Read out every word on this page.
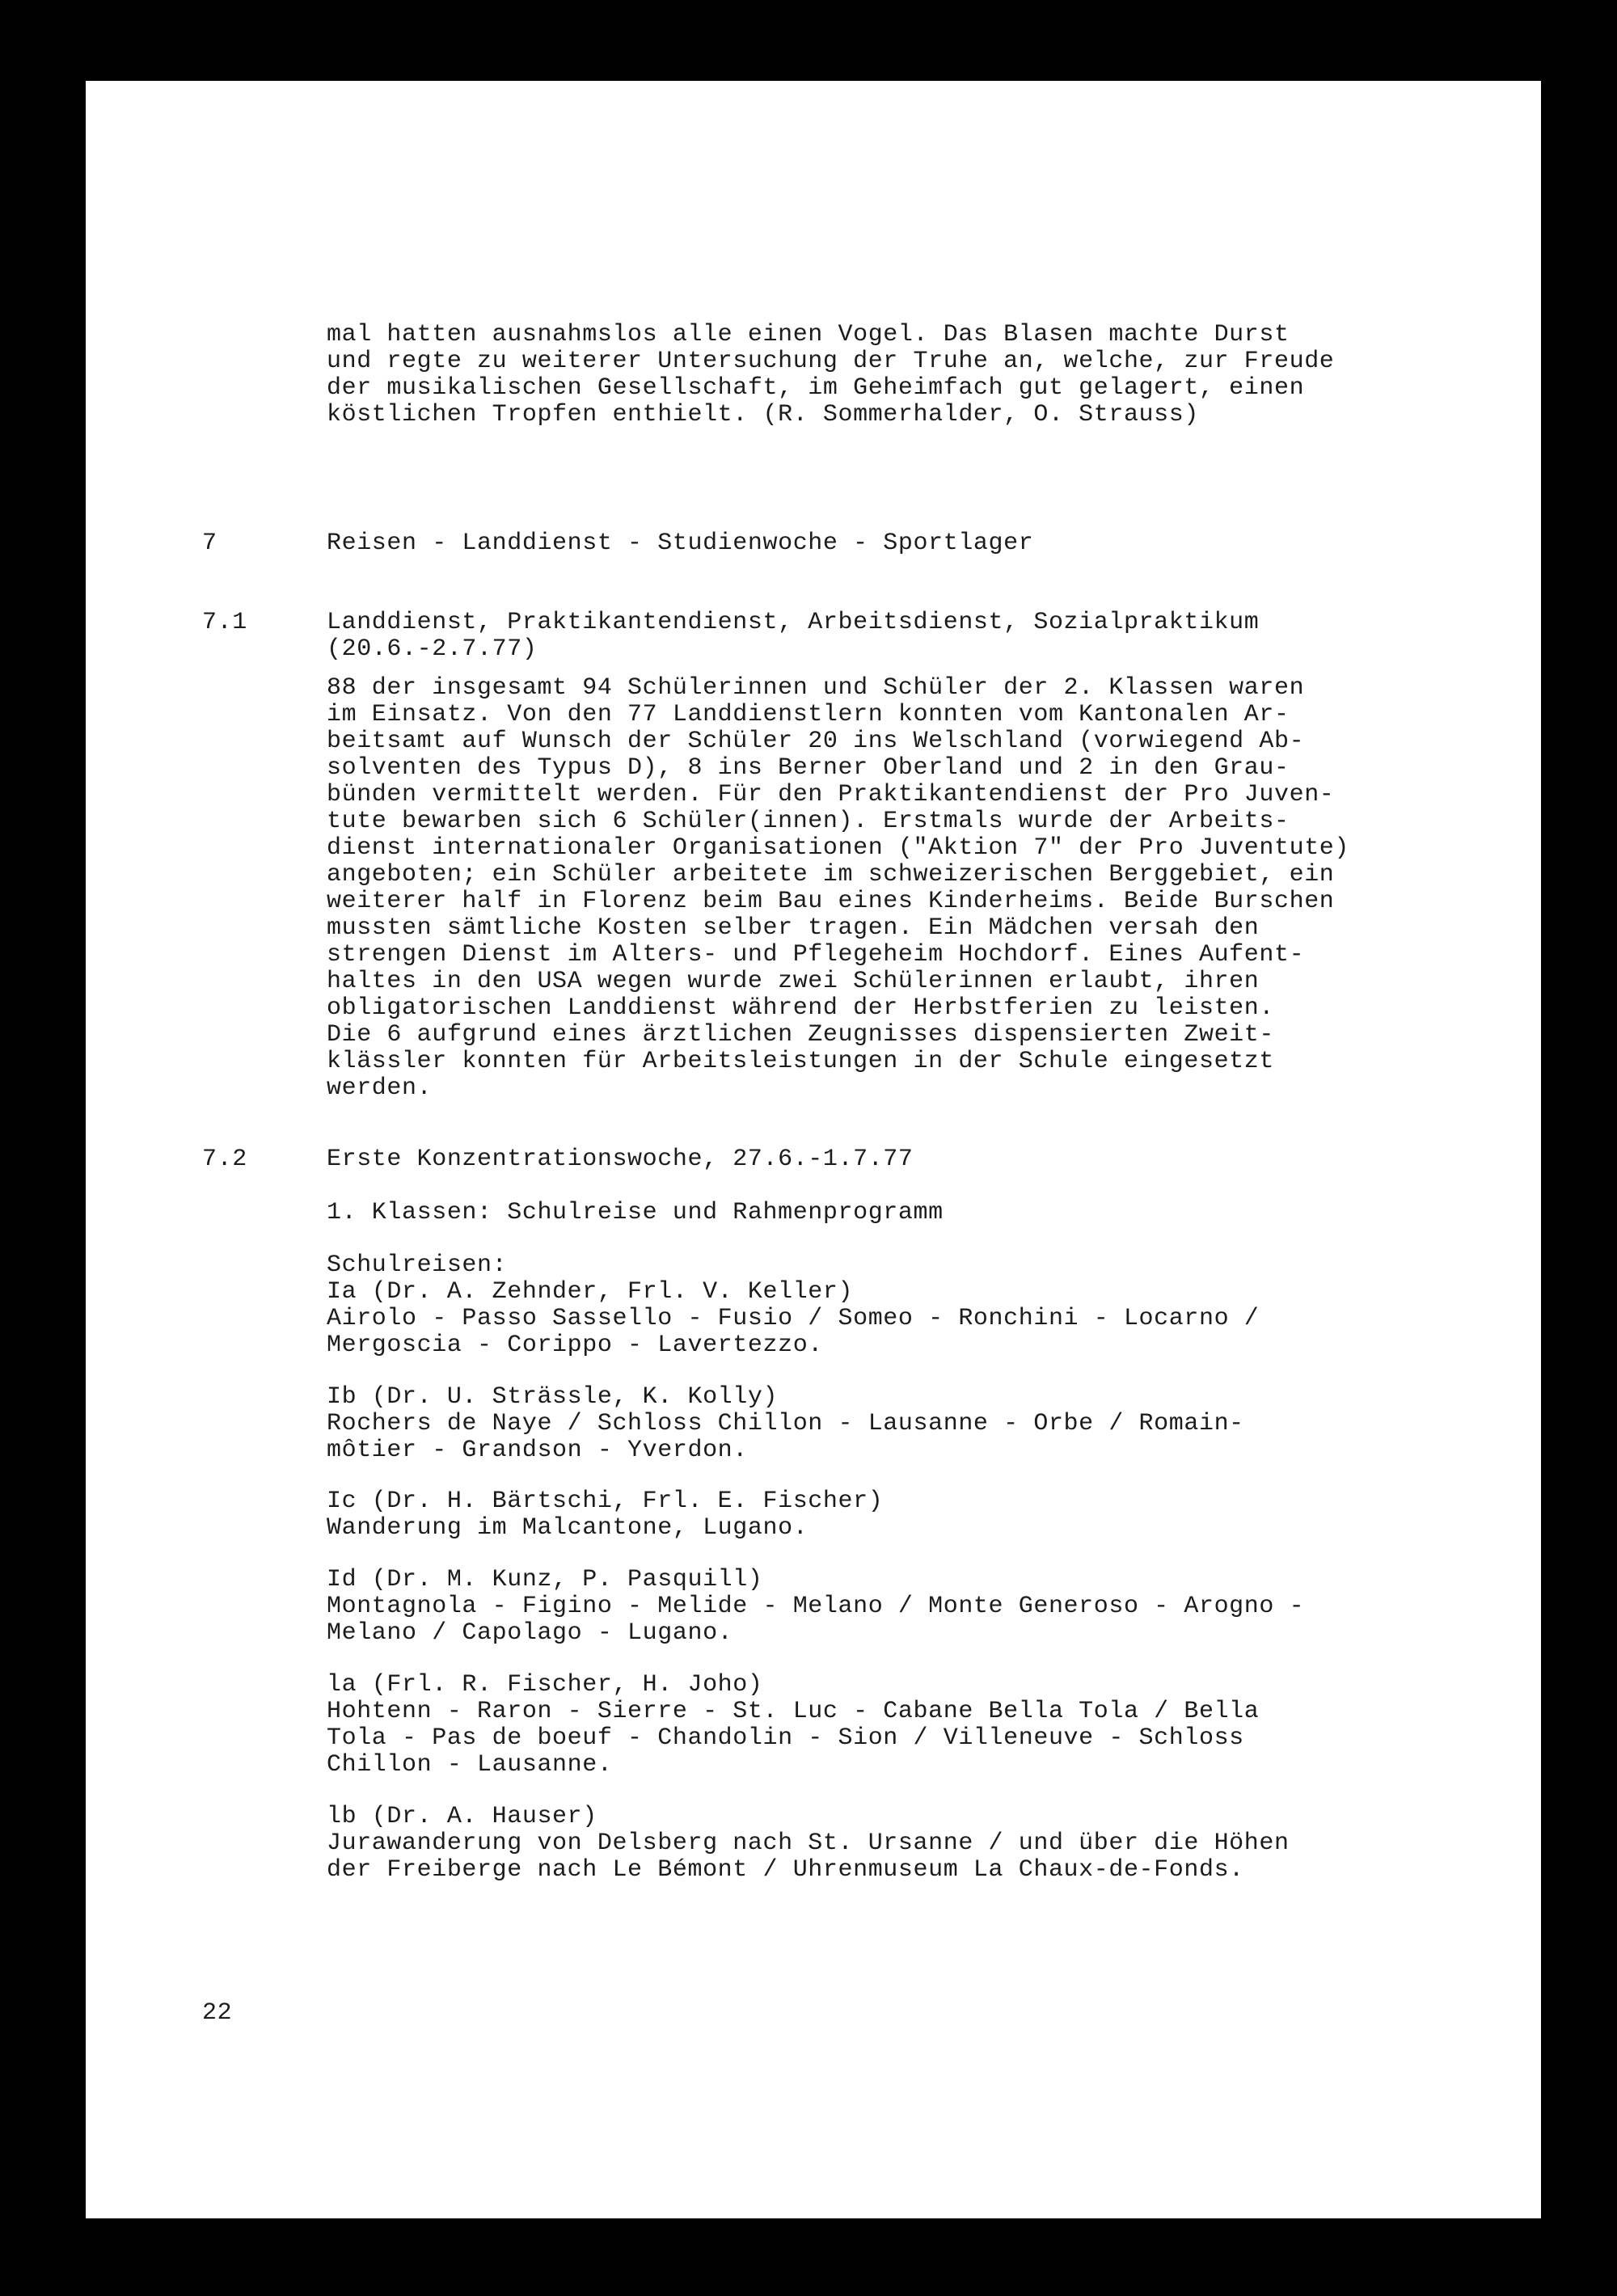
mal hatten ausnahmslos alle einen Vogel. Das Blasen machte Durst
und regte zu weiterer Untersuchung der Truhe an, welche, zur Freude
der musikalischen Gesellschaft, im Geheimfach gut gelagert, einen
köstlichen Tropfen enthielt. (R. Sommerhalder, O. Strauss)
7	Reisen - Landdienst - Studienwoche - Sportlager
7.1	Landdienst, Praktikantendienst, Arbeitsdienst, Sozialpraktikum
(20.6.-2.7.77)
88 der insgesamt 94 Schülerinnen und Schüler der 2. Klassen waren
im Einsatz. Von den 77 Landdienstlern konnten vom Kantonalen Ar-
beitsamt auf Wunsch der Schüler 20 ins Welschland (vorwiegend Ab-
solventen des Typus D), 8 ins Berner Oberland und 2 in den Grau-
bünden vermittelt werden. Für den Praktikantendienst der Pro Juven-
tute bewarben sich 6 Schüler(innen). Erstmals wurde der Arbeits-
dienst internationaler Organisationen ("Aktion 7" der Pro Juventute)
angeboten; ein Schüler arbeitete im schweizerischen Berggebiet, ein
weiterer half in Florenz beim Bau eines Kinderheims. Beide Burschen
mussten sämtliche Kosten selber tragen. Ein Mädchen versah den
strengen Dienst im Alters- und Pflegeheim Hochdorf. Eines Aufent-
haltes in den USA wegen wurde zwei Schülerinnen erlaubt, ihren
obligatorischen Landdienst während der Herbstferien zu leisten.
Die 6 aufgrund eines ärztlichen Zeugnisses dispensierten Zweit-
klässler konnten für Arbeitsleistungen in der Schule eingesetzt
werden.
7.2	Erste Konzentrationswoche, 27.6.-1.7.77
1. Klassen: Schulreise und Rahmenprogramm
Schulreisen:
Ia (Dr. A. Zehnder, Frl. V. Keller)
Airolo - Passo Sassello - Fusio / Someo - Ronchini - Locarno /
Mergoscia - Corippo - Lavertezzo.
Ib (Dr. U. Strässle, K. Kolly)
Rochers de Naye / Schloss Chillon - Lausanne - Orbe / Romain-
môtier - Grandson - Yverdon.
Ic (Dr. H. Bärtschi, Frl. E. Fischer)
Wanderung im Malcantone, Lugano.
Id (Dr. M. Kunz, P. Pasquill)
Montagnola - Figino - Melide - Melano / Monte Generoso - Arogno -
Melano / Capolago - Lugano.
la (Frl. R. Fischer, H. Joho)
Hohtenn - Raron - Sierre - St. Luc - Cabane Bella Tola / Bella
Tola - Pas de boeuf - Chandolin - Sion / Villeneuve - Schloss
Chillon - Lausanne.
lb (Dr. A. Hauser)
Jurawanderung von Delsberg nach St. Ursanne / und über die Höhen
der Freiberge nach Le Bémont / Uhrenmuseum La Chaux-de-Fonds.
22
